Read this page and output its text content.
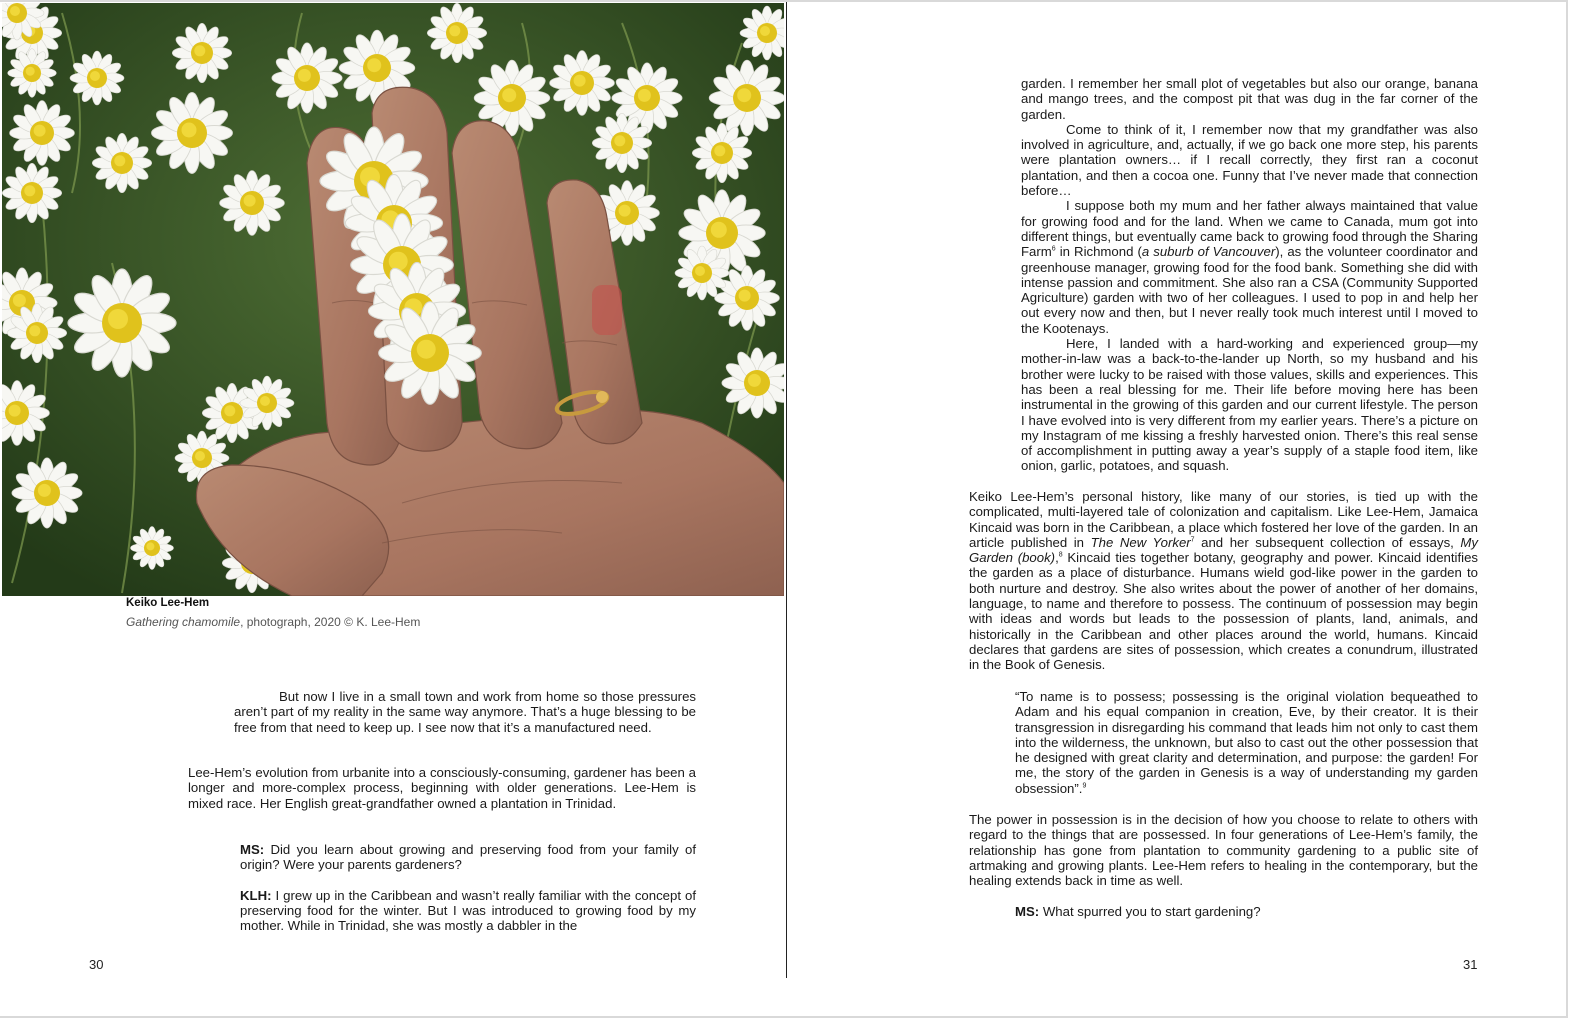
Keiko Lee-Hem
Gathering chamomile, photograph, 2020 © K. Lee-Hem

But now I live in a small town and work from home so those pressures aren’t part of my reality in the same way anymore. That’s a huge blessing to be free from that need to keep up. I see now that it’s a manufactured need.

Lee-Hem’s evolution from urbanite into a consciously-consuming, gardener has been a longer and more-complex process, beginning with older generations. Lee-Hem is mixed race. Her English great-grandfather owned a plantation in Trinidad.

MS: Did you learn about growing and preserving food from your family of origin? Were your parents gardeners?

KLH: I grew up in the Caribbean and wasn’t really familiar with the concept of preserving food for the winter. But I was introduced to growing food by my mother. While in Trinidad, she was mostly a dabbler in the

30

garden. I remember her small plot of vegetables but also our orange, banana and mango trees, and the compost pit that was dug in the far corner of the garden.

Come to think of it, I remember now that my grandfather was also involved in agriculture, and, actually, if we go back one more step, his parents were plantation owners… if I recall correctly, they first ran a coconut plantation, and then a cocoa one. Funny that I’ve never made that connection before…

I suppose both my mum and her father always maintained that value for growing food and for the land. When we came to Canada, mum got into different things, but eventually came back to growing food through the Sharing Farm$^6$ in Richmond (a suburb of Vancouver), as the volunteer coordinator and greenhouse manager, growing food for the food bank. Something she did with intense passion and commitment. She also ran a CSA (Community Supported Agriculture) garden with two of her colleagues. I used to pop in and help her out every now and then, but I never really took much interest until I moved to the Kootenays.

Here, I landed with a hard-working and experienced group—my mother-in-law was a back-to-the-lander up North, so my husband and his brother were lucky to be raised with those values, skills and experiences. This has been a real blessing for me. Their life before moving here has been instrumental in the growing of this garden and our current lifestyle. The person I have evolved into is very different from my earlier years. There’s a picture on my Instagram of me kissing a freshly harvested onion. There’s this real sense of accomplishment in putting away a year’s supply of a staple food item, like onion, garlic, potatoes, and squash.

Keiko Lee-Hem’s personal history, like many of our stories, is tied up with the complicated, multi-layered tale of colonization and capitalism. Like Lee-Hem, Jamaica Kincaid was born in the Caribbean, a place which fostered her love of the garden. In an article published in The New Yorker$^7$ and her subsequent collection of essays, My Garden (book),$^8$ Kincaid ties together botany, geography and power. Kincaid identifies the garden as a place of disturbance. Humans wield god-like power in the garden to both nurture and destroy. She also writes about the power of another of her domains, language, to name and therefore to possess. The continuum of possession may begin with ideas and words but leads to the possession of plants, land, animals, and historically in the Caribbean and other places around the world, humans. Kincaid declares that gardens are sites of possession, which creates a conundrum, illustrated in the Book of Genesis.

“To name is to possess; possessing is the original violation bequeathed to Adam and his equal companion in creation, Eve, by their creator. It is their transgression in disregarding his command that leads him not only to cast them into the wilderness, the unknown, but also to cast out the other possession that he designed with great clarity and determination, and purpose: the garden! For me, the story of the garden in Genesis is a way of understanding my garden obsession”.$^9$

The power in possession is in the decision of how you choose to relate to others with regard to the things that are possessed. In four generations of Lee-Hem’s family, the relationship has gone from plantation to community gardening to a public site of artmaking and growing plants. Lee-Hem refers to healing in the contemporary, but the healing extends back in time as well.

MS: What spurred you to start gardening?

31
